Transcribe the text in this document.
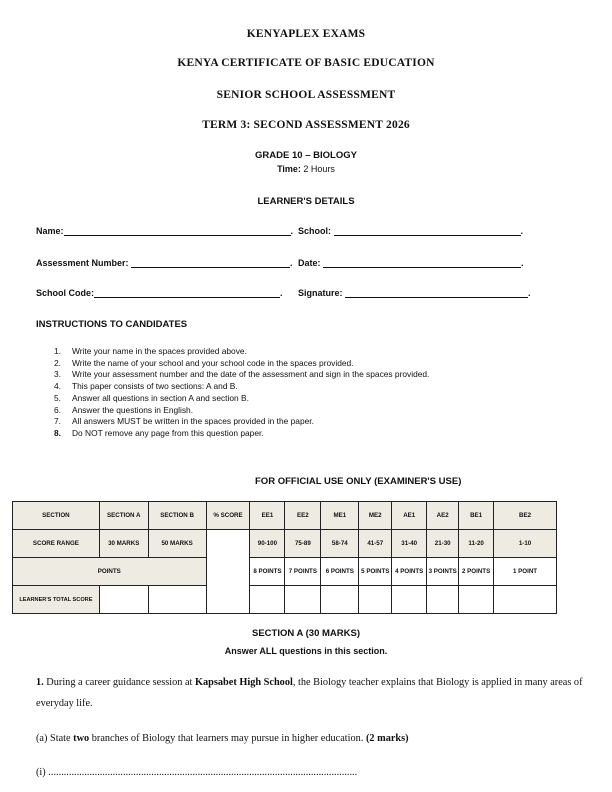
KENYAPLEX EXAMS
KENYA CERTIFICATE OF BASIC EDUCATION
SENIOR SCHOOL ASSESSMENT
TERM 3: SECOND ASSESSMENT 2026
GRADE 10 – BIOLOGY
Time: 2 Hours
LEARNER'S DETAILS
Name:	. School:	.
Assessment Number:	. Date:	.
School Code:	. Signature:	.
INSTRUCTIONS TO CANDIDATES
1. Write your name in the spaces provided above.
2. Write the name of your school and your school code in the spaces provided.
3. Write your assessment number and the date of the assessment and sign in the spaces provided.
4. This paper consists of two sections: A and B.
5. Answer all questions in section A and section B.
6. Answer the questions in English.
7. All answers MUST be written in the spaces provided in the paper.
8. Do NOT remove any page from this question paper.
FOR OFFICIAL USE ONLY (EXAMINER'S USE)
SECTION	SECTION A	SECTION B	% SCORE	EE1	EE2	ME1	ME2	AE1	AE2	BE1	BE2
SCORE RANGE	30 MARKS	50 MARKS		90-100	75-89	58-74	41-57	31-40	21-30	11-20	1-10
POINTS				8 POINTS	7 POINTS	6 POINTS	5 POINTS	4 POINTS	3 POINTS	2 POINTS	1 POINT
LEARNER'S TOTAL SCORE											
SECTION A (30 MARKS)
Answer ALL questions in this section.
1. During a career guidance session at Kapsabet High School, the Biology teacher explains that Biology is applied in many areas of everyday life.
(a) State two branches of Biology that learners may pursue in higher education. (2 marks)
(i) ........................................................................................................................
